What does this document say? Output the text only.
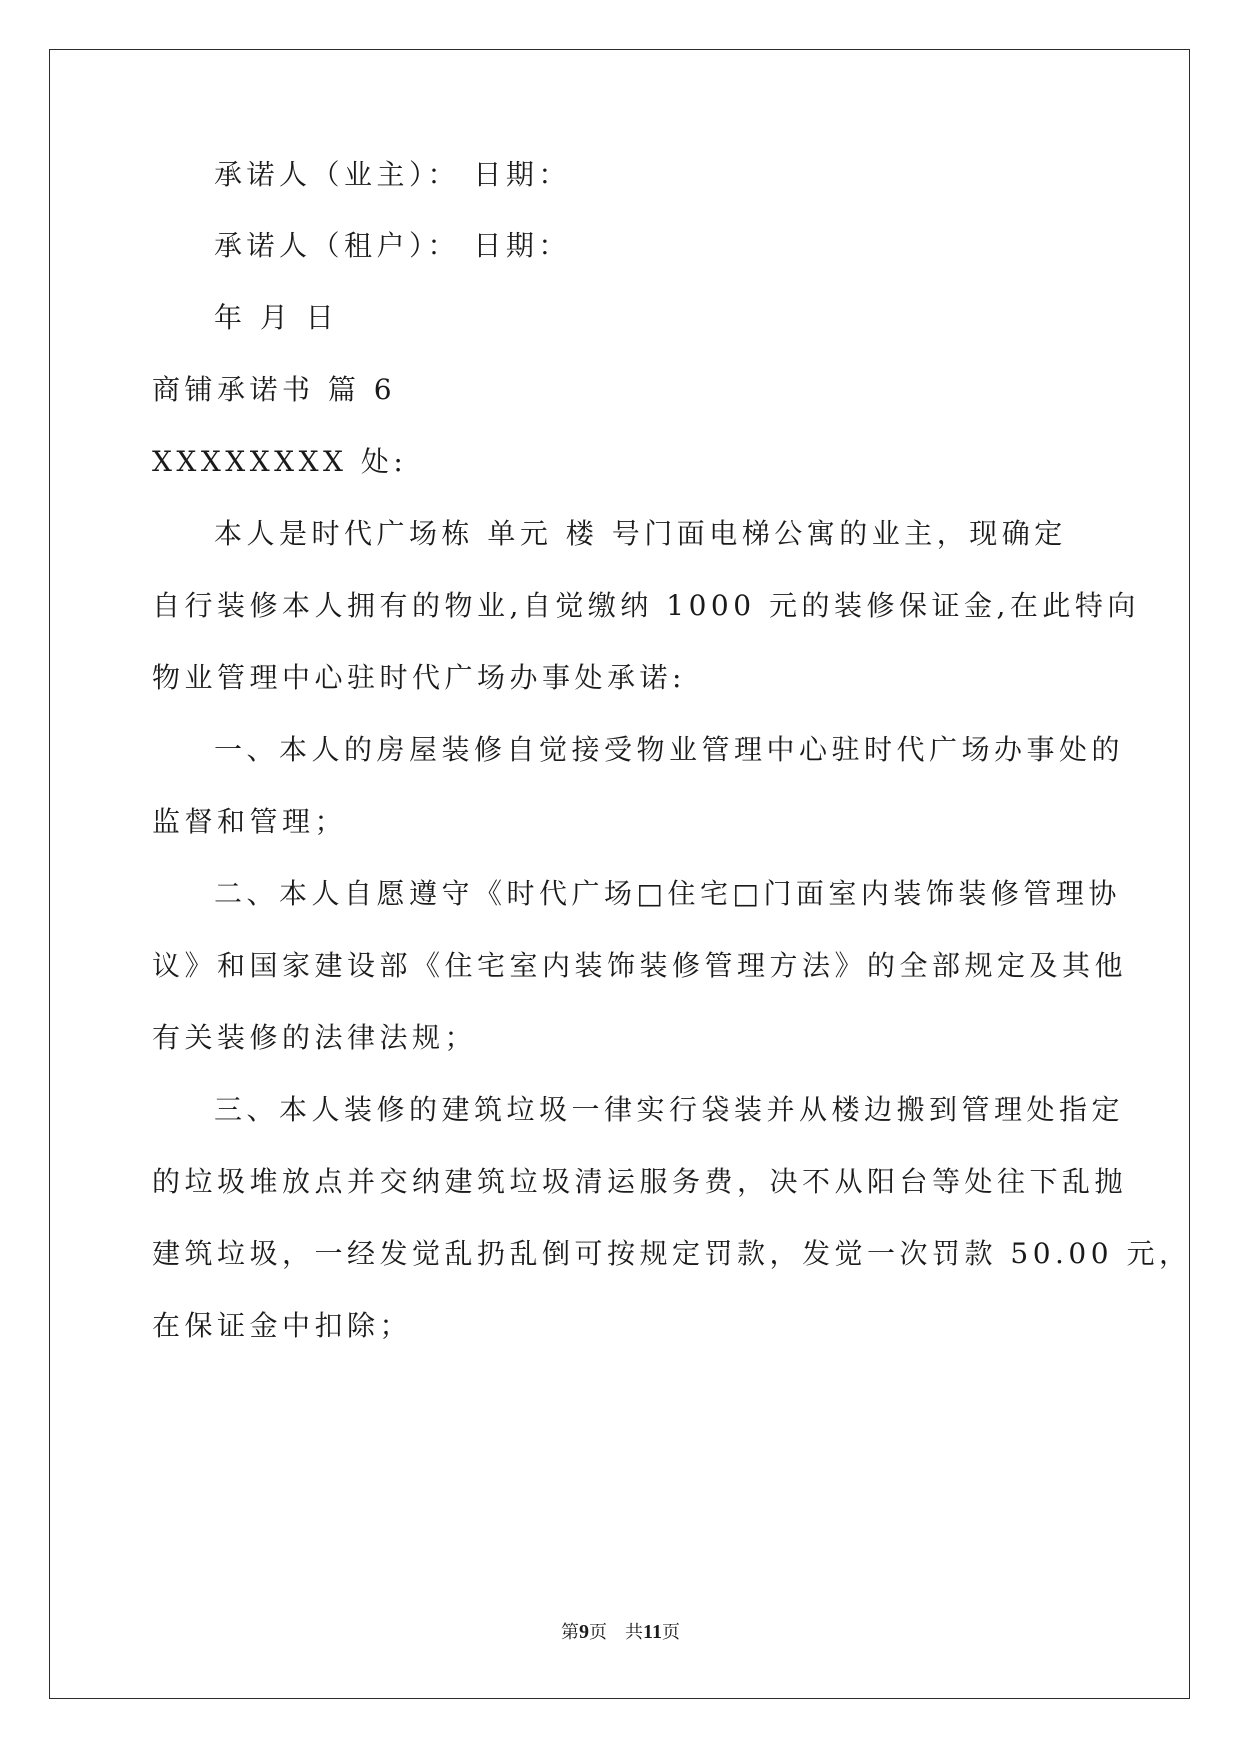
承诺人（业主）： 日期：
承诺人（租户）： 日期：
年 月 日
商铺承诺书 篇 6
XXXXXXXX 处:
本人是时代广场栋 单元 楼 号门面电梯公寓的业主，现确定
自行装修本人拥有的物业,自觉缴纳 1000 元的装修保证金,在此特向
物业管理中心驻时代广场办事处承诺:
一、本人的房屋装修自觉接受物业管理中心驻时代广场办事处的
监督和管理；
二、本人自愿遵守《时代广场□住宅□门面室内装饰装修管理协
议》和国家建设部《住宅室内装饰装修管理方法》的全部规定及其他
有关装修的法律法规；
三、本人装修的建筑垃圾一律实行袋装并从楼边搬到管理处指定
的垃圾堆放点并交纳建筑垃圾清运服务费，决不从阳台等处往下乱抛
建筑垃圾，一经发觉乱扔乱倒可按规定罚款，发觉一次罚款 50.00 元，
在保证金中扣除；
第9页 共11页
